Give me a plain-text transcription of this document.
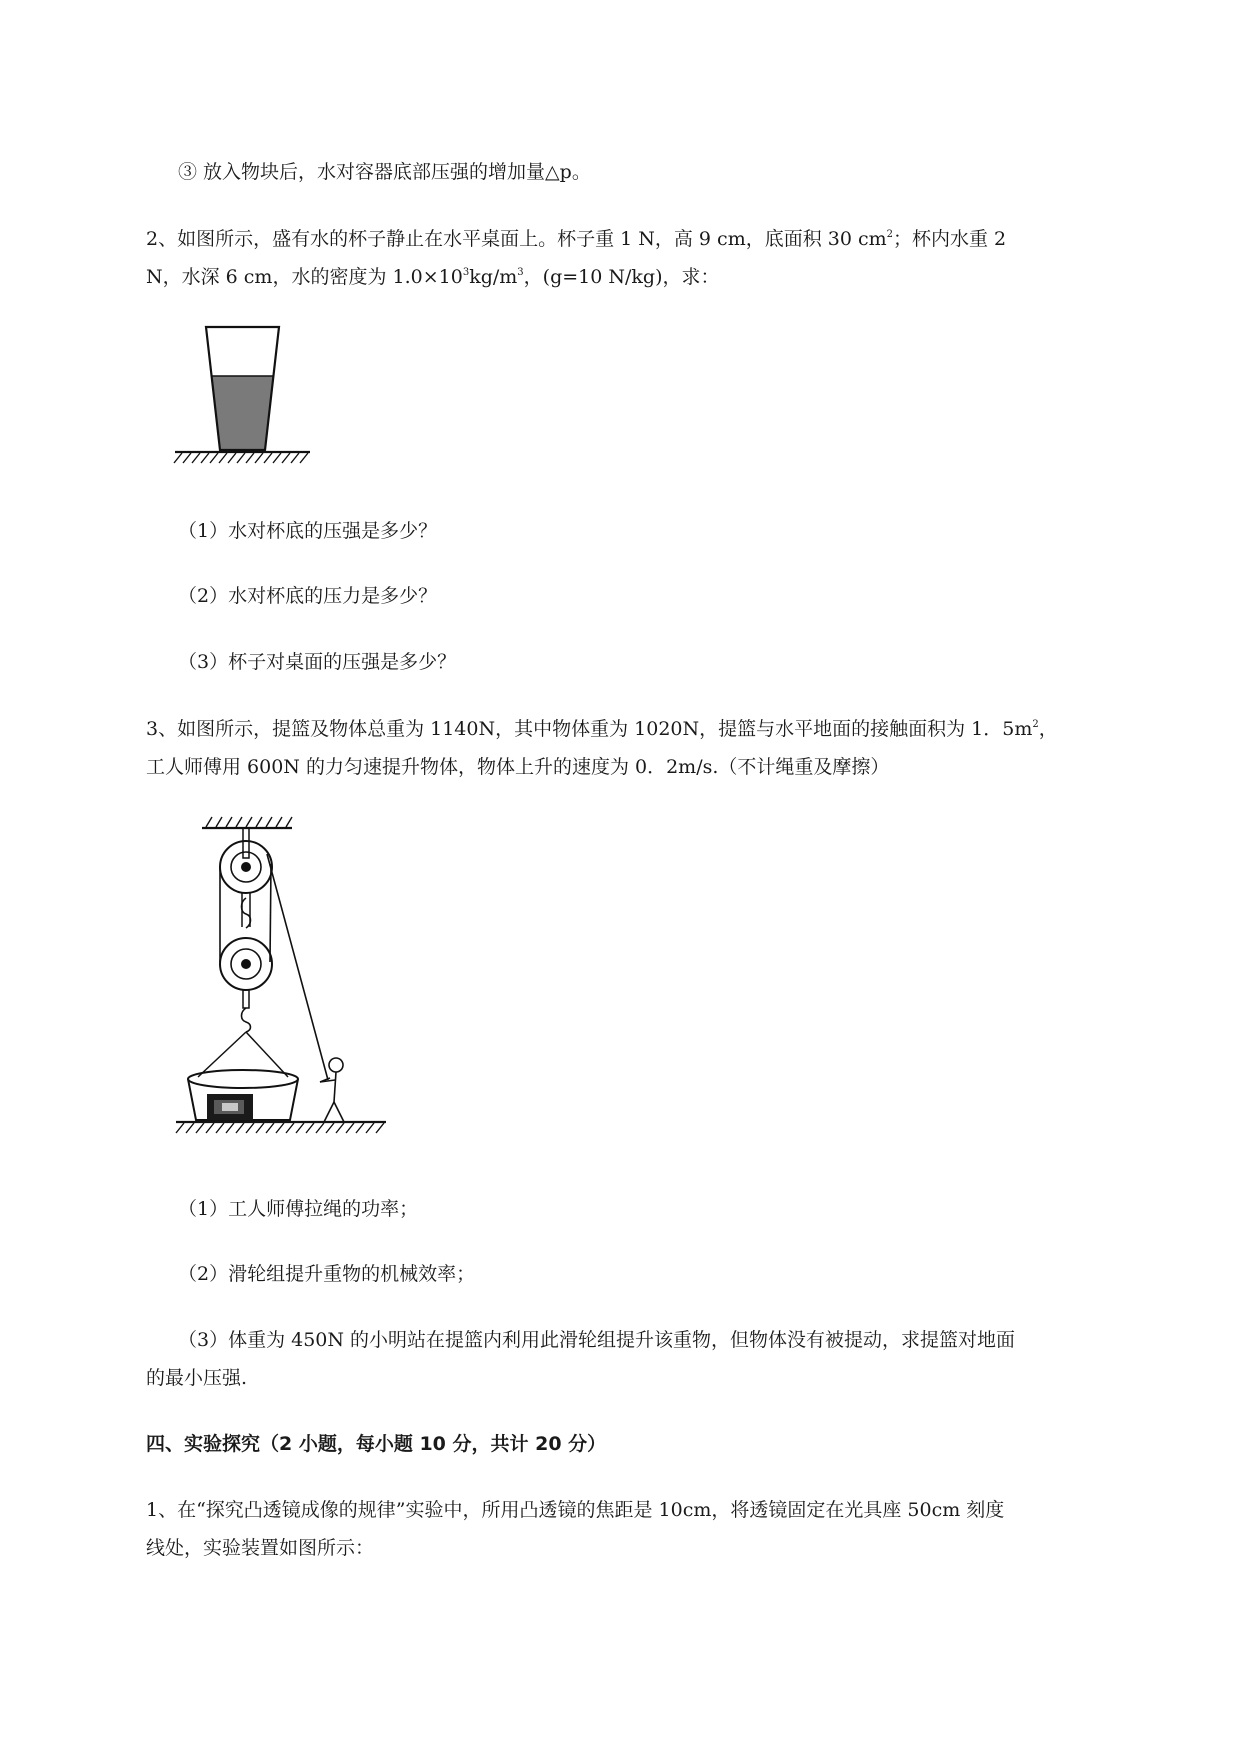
③ 放入物块后，水对容器底部压强的增加量△p。
2、如图所示，盛有水的杯子静止在水平桌面上。杯子重 1 N，高 9 cm，底面积 30 $cm^2$；杯内水重 2
N，水深 6 cm，水的密度为 $1.0\times 10^3kg/m^3$，(g=10 N/kg)，求：
（1）水对杯底的压强是多少？
（2）水对杯底的压力是多少？
（3）杯子对桌面的压强是多少？
3、如图所示，提篮及物体总重为 1140N，其中物体重为 1020N，提篮与水平地面的接触面积为 1．$5m^2$，
工人师傅用 600N 的力匀速提升物体，物体上升的速度为 0．2m/s.（不计绳重及摩擦）
（1）工人师傅拉绳的功率；
（2）滑轮组提升重物的机械效率；
（3）体重为 450N 的小明站在提篮内利用此滑轮组提升该重物，但物体没有被提动，求提篮对地面
的最小压强.
四、实验探究（2 小题，每小题 10 分，共计 20 分）
1、在“探究凸透镜成像的规律”实验中，所用凸透镜的焦距是 10cm，将透镜固定在光具座 50cm 刻度
线处，实验装置如图所示：
